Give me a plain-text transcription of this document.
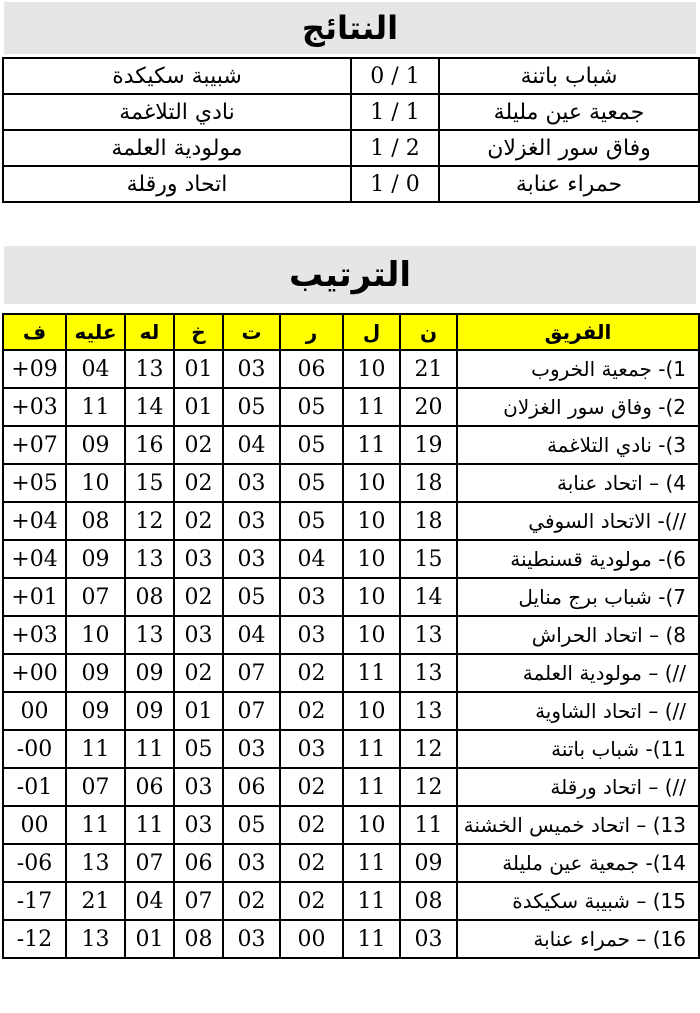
النتائج
شبيبة سكيكدة	0 / 1	شباب باتنة
نادي التلاغمة	1 / 1	جمعية عين مليلة
مولودية العلمة	1 / 2	وفاق سور الغزلان
اتحاد ورقلة	1 / 0	حمراء عنابة
الترتيب
ف	عليه	له	خ	ت	ر	ل	ن	الفريق
+09	04	13	01	03	06	10	21	1)- جمعية الخروب
+03	11	14	01	05	05	11	20	2)- وفاق سور الغزلان
+07	09	16	02	04	05	11	19	3)- نادي التلاغمة
+05	10	15	02	03	05	10	18	4) – اتحاد عنابة
+04	08	12	02	03	05	10	18	//)- الاتحاد السوفي
+04	09	13	03	03	04	10	15	6)- مولودية قسنطينة
+01	07	08	02	05	03	10	14	7)- شباب برج منايل
+03	10	13	03	04	03	10	13	8) – اتحاد الحراش
+00	09	09	02	07	02	11	13	//) – مولودية العلمة
00	09	09	01	07	02	10	13	//) – اتحاد الشاوية
-00	11	11	05	03	03	11	12	11)- شباب باتنة
-01	07	06	03	06	02	11	12	//) – اتحاد ورقلة
00	11	11	03	05	02	10	11	13) – اتحاد خميس الخشنة
-06	13	07	06	03	02	11	09	14)- جمعية عين مليلة
-17	21	04	07	02	02	11	08	15) – شبيبة سكيكدة
-12	13	01	08	03	00	11	03	16) – حمراء عنابة
